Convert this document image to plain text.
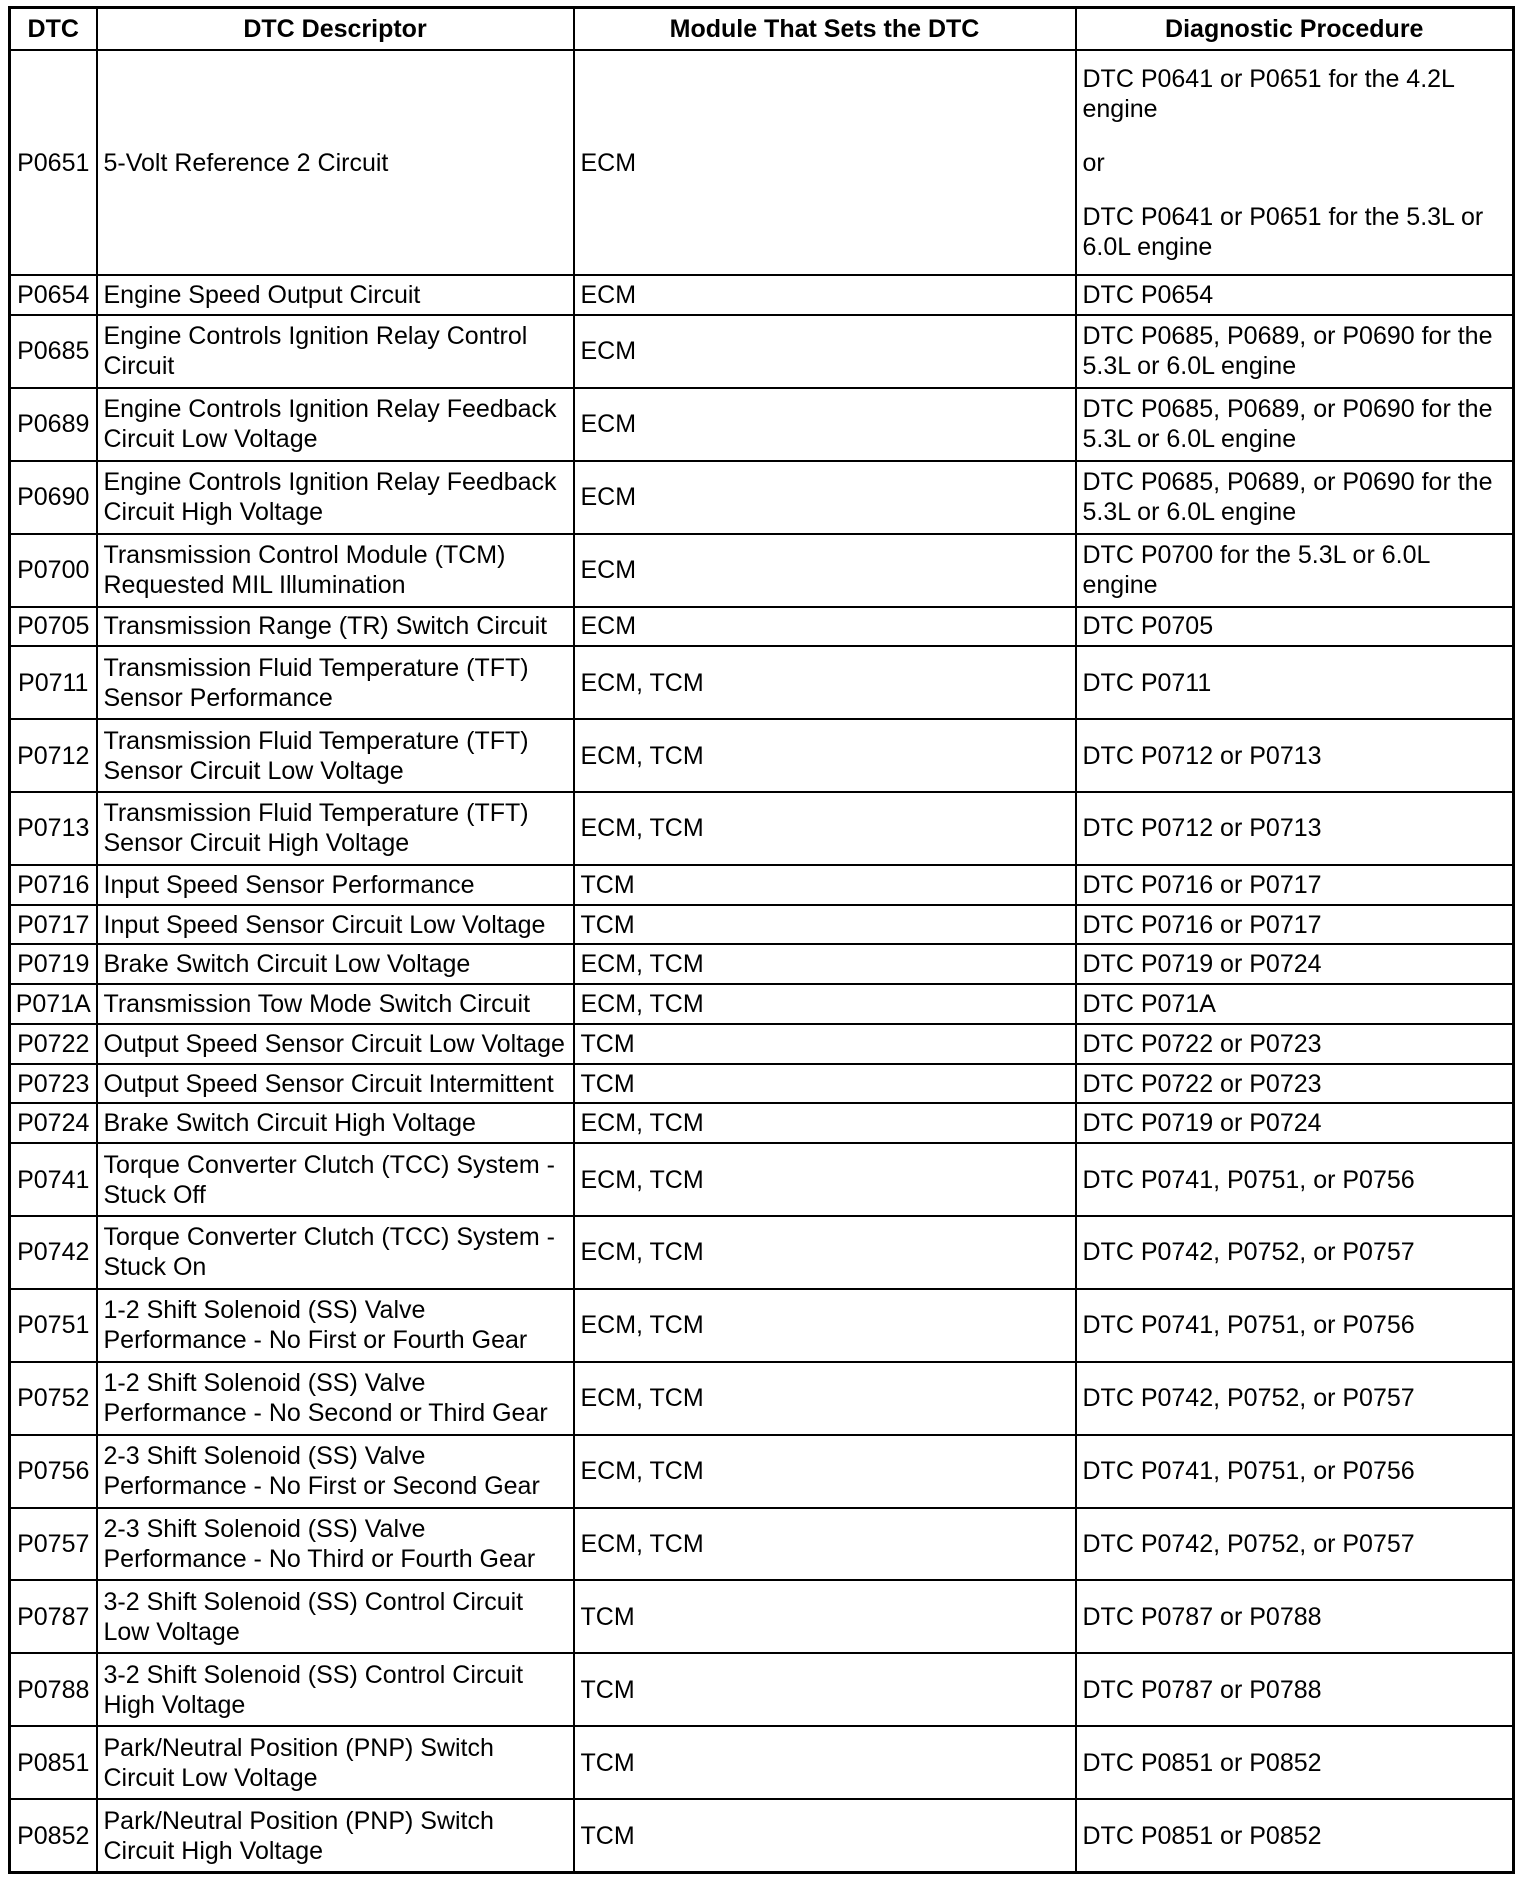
DTC	DTC Descriptor	Module That Sets the DTC	Diagnostic Procedure
P0651	5-Volt Reference 2 Circuit	ECM	DTC P0641 or P0651 for the 4.2L engine
or
DTC P0641 or P0651 for the 5.3L or 6.0L engine

P0654	Engine Speed Output Circuit	ECM	DTC P0654
P0685	Engine Controls Ignition Relay Control Circuit	ECM	DTC P0685, P0689, or P0690 for the 5.3L or 6.0L engine
P0689	Engine Controls Ignition Relay Feedback Circuit Low Voltage	ECM	DTC P0685, P0689, or P0690 for the 5.3L or 6.0L engine
P0690	Engine Controls Ignition Relay Feedback Circuit High Voltage	ECM	DTC P0685, P0689, or P0690 for the 5.3L or 6.0L engine
P0700	Transmission Control Module (TCM) Requested MIL Illumination	ECM	DTC P0700 for the 5.3L or 6.0L engine
P0705	Transmission Range (TR) Switch Circuit	ECM	DTC P0705
P0711	Transmission Fluid Temperature (TFT) Sensor Performance	ECM, TCM	DTC P0711
P0712	Transmission Fluid Temperature (TFT) Sensor Circuit Low Voltage	ECM, TCM	DTC P0712 or P0713
P0713	Transmission Fluid Temperature (TFT) Sensor Circuit High Voltage	ECM, TCM	DTC P0712 or P0713
P0716	Input Speed Sensor Performance	TCM	DTC P0716 or P0717
P0717	Input Speed Sensor Circuit Low Voltage	TCM	DTC P0716 or P0717
P0719	Brake Switch Circuit Low Voltage	ECM, TCM	DTC P0719 or P0724
P071A	Transmission Tow Mode Switch Circuit	ECM, TCM	DTC P071A
P0722	Output Speed Sensor Circuit Low Voltage	TCM	DTC P0722 or P0723
P0723	Output Speed Sensor Circuit Intermittent	TCM	DTC P0722 or P0723
P0724	Brake Switch Circuit High Voltage	ECM, TCM	DTC P0719 or P0724
P0741	Torque Converter Clutch (TCC) System - Stuck Off	ECM, TCM	DTC P0741, P0751, or P0756
P0742	Torque Converter Clutch (TCC) System - Stuck On	ECM, TCM	DTC P0742, P0752, or P0757
P0751	1-2 Shift Solenoid (SS) Valve Performance - No First or Fourth Gear	ECM, TCM	DTC P0741, P0751, or P0756
P0752	1-2 Shift Solenoid (SS) Valve Performance - No Second or Third Gear	ECM, TCM	DTC P0742, P0752, or P0757
P0756	2-3 Shift Solenoid (SS) Valve Performance - No First or Second Gear	ECM, TCM	DTC P0741, P0751, or P0756
P0757	2-3 Shift Solenoid (SS) Valve Performance - No Third or Fourth Gear	ECM, TCM	DTC P0742, P0752, or P0757
P0787	3-2 Shift Solenoid (SS) Control Circuit Low Voltage	TCM	DTC P0787 or P0788
P0788	3-2 Shift Solenoid (SS) Control Circuit High Voltage	TCM	DTC P0787 or P0788
P0851	Park/Neutral Position (PNP) Switch Circuit Low Voltage	TCM	DTC P0851 or P0852
P0852	Park/Neutral Position (PNP) Switch Circuit High Voltage	TCM	DTC P0851 or P0852
